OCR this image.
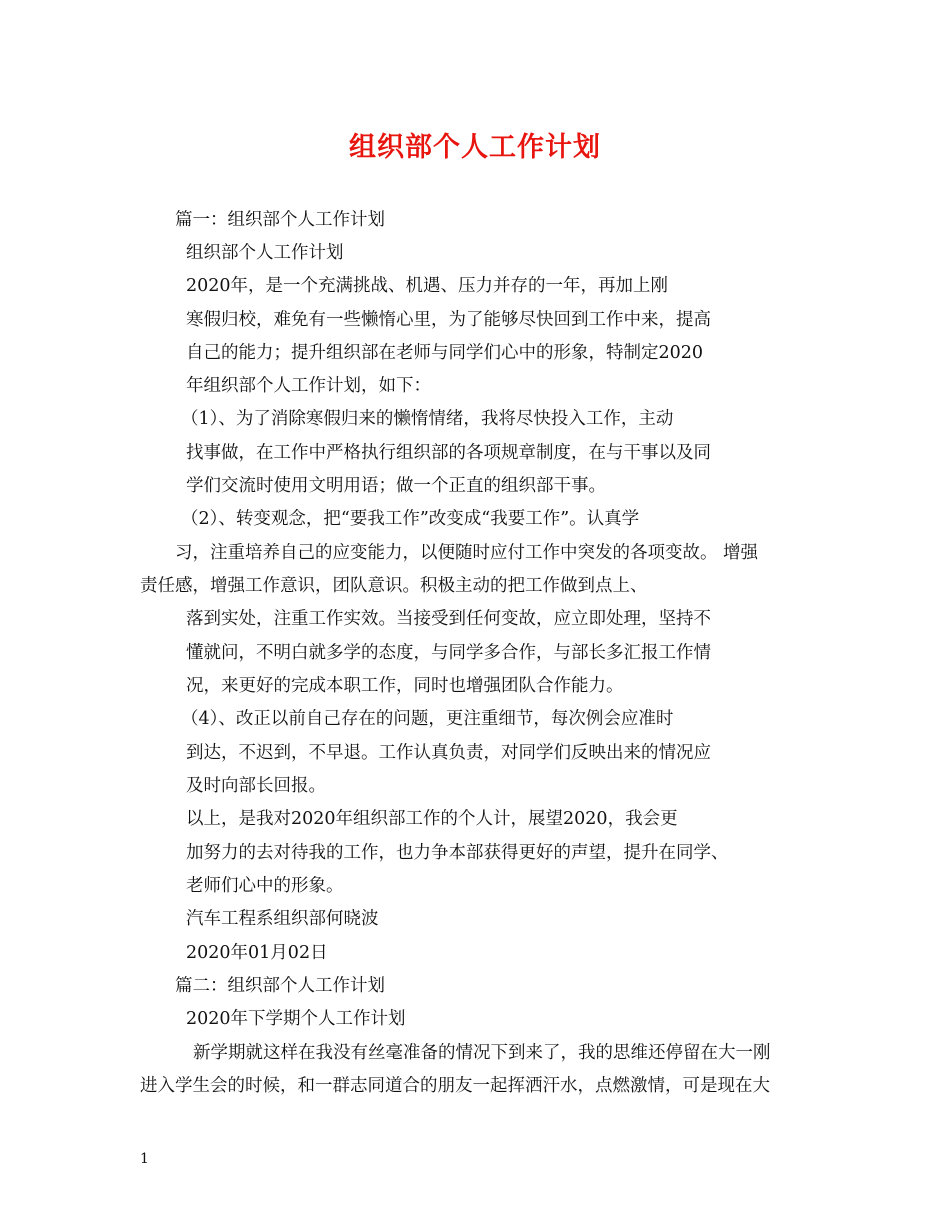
组织部个人工作计划
篇一：组织部个人工作计划
组织部个人工作计划
2020年，是一个充满挑战、机遇、压力并存的一年，再加上刚
寒假归校，难免有一些懒惰心里，为了能够尽快回到工作中来，提高
自己的能力；提升组织部在老师与同学们心中的形象，特制定2020
年组织部个人工作计划，如下：
（1）、为了消除寒假归来的懒惰情绪，我将尽快投入工作，主动
找事做，在工作中严格执行组织部的各项规章制度，在与干事以及同
学们交流时使用文明用语；做一个正直的组织部干事。
（2）、转变观念，把“要我工作”改变成“我要工作”。认真学
习，注重培养自己的应变能力，以便随时应付工作中突发的各项变故。 增强
责任感，增强工作意识，团队意识。积极主动的把工作做到点上、
落到实处，注重工作实效。当接受到任何变故，应立即处理，坚持不
懂就问，不明白就多学的态度，与同学多合作，与部长多汇报工作情
况，来更好的完成本职工作，同时也增强团队合作能力。
（4）、改正以前自己存在的问题，更注重细节，每次例会应准时
到达，不迟到，不早退。工作认真负责，对同学们反映出来的情况应
及时向部长回报。
以上，是我对2020年组织部工作的个人计，展望2020，我会更
加努力的去对待我的工作，也力争本部获得更好的声望，提升在同学、
老师们心中的形象。
汽车工程系组织部何晓波
2020年01月02日
篇二：组织部个人工作计划
2020年下学期个人工作计划
新学期就这样在我没有丝毫准备的情况下到来了，我的思维还停留在大一刚
进入学生会的时候，和一群志同道合的朋友一起挥洒汗水，点燃激情，可是现在大
1
